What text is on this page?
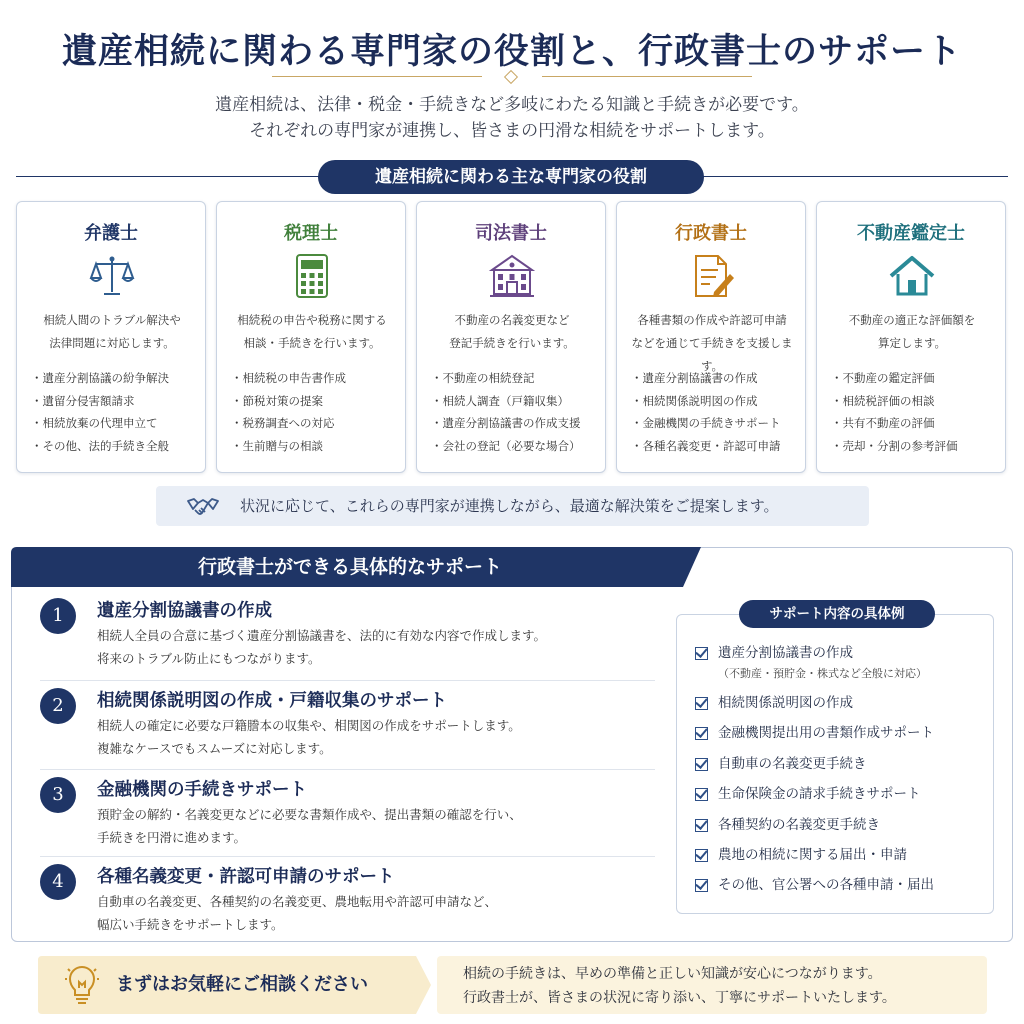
遺産相続に関わる専門家の役割と、行政書士のサポート
遺産相続は、法律・税金・手続きなど多岐にわたる知識と手続きが必要です。
それぞれの専門家が連携し、皆さまの円滑な相続をサポートします。
遺産相続に関わる主な専門家の役割
弁護士
相続人間のトラブル解決や
法律問題に対応します。
・遺産分割協議の紛争解決
・遺留分侵害額請求
・相続放棄の代理申立て
・その他、法的手続き全般
税理士
相続税の申告や税務に関する
相談・手続きを行います。
・相続税の申告書作成
・節税対策の提案
・税務調査への対応
・生前贈与の相談
司法書士
不動産の名義変更など
登記手続きを行います。
・不動産の相続登記
・相続人調査（戸籍収集）
・遺産分割協議書の作成支援
・会社の登記（必要な場合）
行政書士
各種書類の作成や許認可申請
などを通じて手続きを支援します。
・遺産分割協議書の作成
・相続関係説明図の作成
・金融機関の手続きサポート
・各種名義変更・許認可申請
不動産鑑定士
不動産の適正な評価額を
算定します。
・不動産の鑑定評価
・相続税評価の相談
・共有不動産の評価
・売却・分割の参考評価
状況に応じて、これらの専門家が連携しながら、最適な解決策をご提案します。
行政書士ができる具体的なサポート
1	遺産分割協議書の作成
相続人全員の合意に基づく遺産分割協議書を、法的に有効な内容で作成します。
将来のトラブル防止にもつながります。
2	相続関係説明図の作成・戸籍収集のサポート
相続人の確定に必要な戸籍謄本の収集や、相関図の作成をサポートします。
複雑なケースでもスムーズに対応します。
3	金融機関の手続きサポート
預貯金の解約・名義変更などに必要な書類作成や、提出書類の確認を行い、
手続きを円滑に進めます。
4	各種名義変更・許認可申請のサポート
自動車の名義変更、各種契約の名義変更、農地転用や許認可申請など、
幅広い手続きをサポートします。
サポート内容の具体例
遺産分割協議書の作成
（不動産・預貯金・株式など全般に対応）
相続関係説明図の作成
金融機関提出用の書類作成サポート
自動車の名義変更手続き
生命保険金の請求手続きサポート
各種契約の名義変更手続き
農地の相続に関する届出・申請
その他、官公署への各種申請・届出
まずはお気軽にご相談ください	相続の手続きは、早めの準備と正しい知識が安心につながります。

行政書士が、皆さまの状況に寄り添い、丁寧にサポートいたします。
